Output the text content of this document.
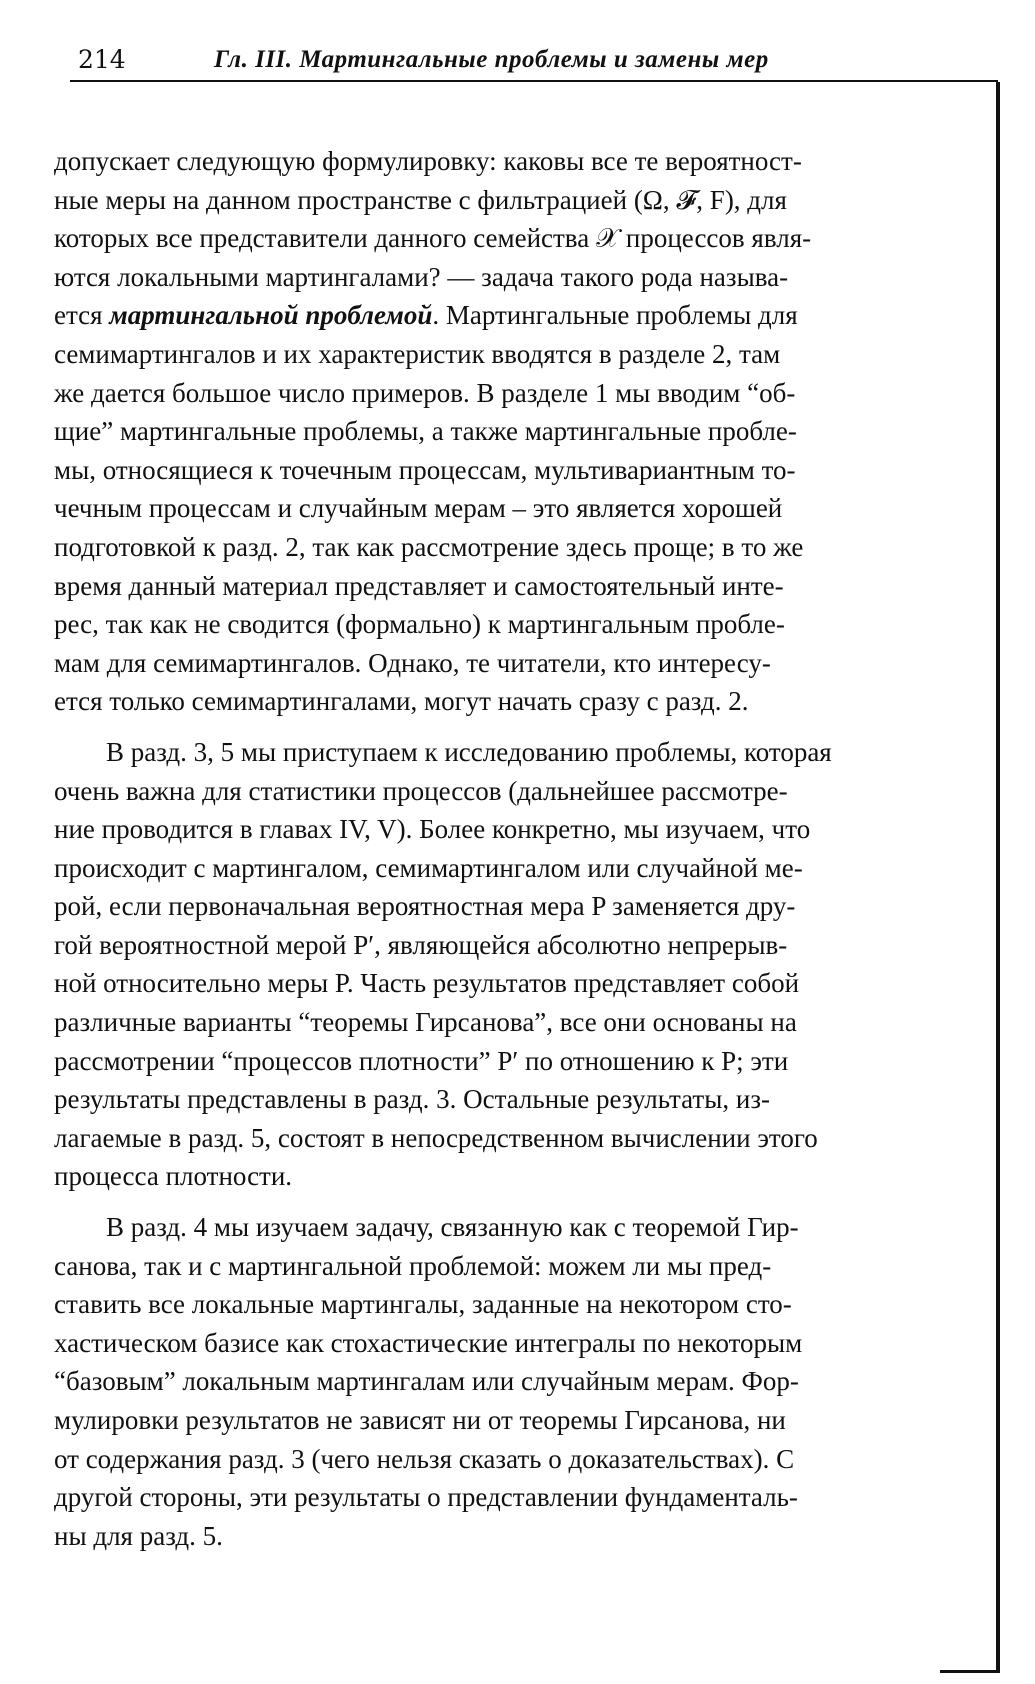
214	Гл. III. Мартингальные проблемы и замены мер

допускает следующую формулировку: каковы все те вероятност-
ные меры на данном пространстве с фильтрацией (Ω, 𝓕, F), для
которых все представители данного семейства 𝒳 процессов явля-
ются локальными мартингалами? — задача такого рода называ-
ется мартингальной проблемой. Мартингальные проблемы для
семимартингалов и их характеристик вводятся в разделе 2, там
же дается большое число примеров. В разделе 1 мы вводим “об-
щие” мартингальные проблемы, а также мартингальные пробле-
мы, относящиеся к точечным процессам, мультивариантным то-
чечным процессам и случайным мерам – это является хорошей
подготовкой к разд. 2, так как рассмотрение здесь проще; в то же
время данный материал представляет и самостоятельный инте-
рес, так как не сводится (формально) к мартингальным пробле-
мам для семимартингалов. Однако, те читатели, кто интересу-
ется только семимартингалами, могут начать сразу с разд. 2.

В разд. 3, 5 мы приступаем к исследованию проблемы, которая
очень важна для статистики процессов (дальнейшее рассмотре-
ние проводится в главах IV, V). Более конкретно, мы изучаем, что
происходит с мартингалом, семимартингалом или случайной ме-
рой, если первоначальная вероятностная мера P заменяется дру-
гой вероятностной мерой P′, являющейся абсолютно непрерыв-
ной относительно меры P. Часть результатов представляет собой
различные варианты “теоремы Гирсанова”, все они основаны на
рассмотрении “процессов плотности” P′ по отношению к P; эти
результаты представлены в разд. 3. Остальные результаты, из-
лагаемые в разд. 5, состоят в непосредственном вычислении этого
процесса плотности.

В разд. 4 мы изучаем задачу, связанную как с теоремой Гир-
санова, так и с мартингальной проблемой: можем ли мы пред-
ставить все локальные мартингалы, заданные на некотором сто-
хастическом базисе как стохастические интегралы по некоторым
“базовым” локальным мартингалам или случайным мерам. Фор-
мулировки результатов не зависят ни от теоремы Гирсанова, ни
от содержания разд. 3 (чего нельзя сказать о доказательствах). С
другой стороны, эти результаты о представлении фундаменталь-
ны для разд. 5.
